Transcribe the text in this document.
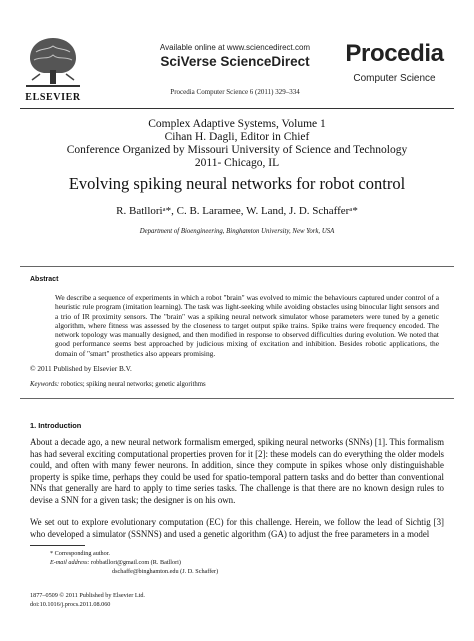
ELSEVIER
Available online at www.sciencedirect.com
SciVerse ScienceDirect
Procedia Computer Science 6 (2011) 329–334
Procedia
Computer Science
Complex Adaptive Systems, Volume 1
Cihan H. Dagli, Editor in Chief
Conference Organized by Missouri University of Science and Technology
2011- Chicago, IL
Evolving spiking neural networks for robot control
R. Batlloriᵃ*, C. B. Laramee, W. Land, J. D. Schafferᵃ*
Department of Bioengineering, Binghamton University, New York, USA
Abstract
We describe a sequence of experiments in which a robot "brain" was evolved to mimic the behaviours captured under control of a heuristic rule program (imitation learning). The task was light-seeking while avoiding obstacles using binocular light sensors and a trio of IR proximity sensors. The "brain" was a spiking neural network simulator whose parameters were tuned by a genetic algorithm, where fitness was assessed by the closeness to target output spike trains. Spike trains were frequency encoded. The network topology was manually designed, and then modified in response to observed difficulties during evolution. We noted that good performance seems best approached by judicious mixing of excitation and inhibition. Besides robotic applications, the domain of "smart" prosthetics also appears promising.
© 2011 Published by Elsevier B.V.
Keywords: robotics; spiking neural networks; genetic algorithms
1. Introduction
About a decade ago, a new neural network formalism emerged, spiking neural networks (SNNs) [1]. This formalism has had several exciting computational properties proven for it [2]: these models can do everything the older models could, and often with many fewer neurons. In addition, since they compute in spikes whose only distinguishable property is spike time, perhaps they could be used for spatio-temporal pattern tasks and do better than conventional NNs that generally are hard to apply to time series tasks. The challenge is that there are no known design rules to devise a SNN for a given task; the designer is on his own.
We set out to explore evolutionary computation (EC) for this challenge. Herein, we follow the lead of Sichtig [3] who developed a simulator (SSNNS) and used a genetic algorithm (GA) to adjust the free parameters in a model
* Corresponding author.
E-mail address: robbatllori@gmail.com (R. Batllori)
dschaffe@binghamton.edu (J. D. Schaffer)
1877–0509 © 2011 Published by Elsevier Ltd.
doi:10.1016/j.procs.2011.08.060
